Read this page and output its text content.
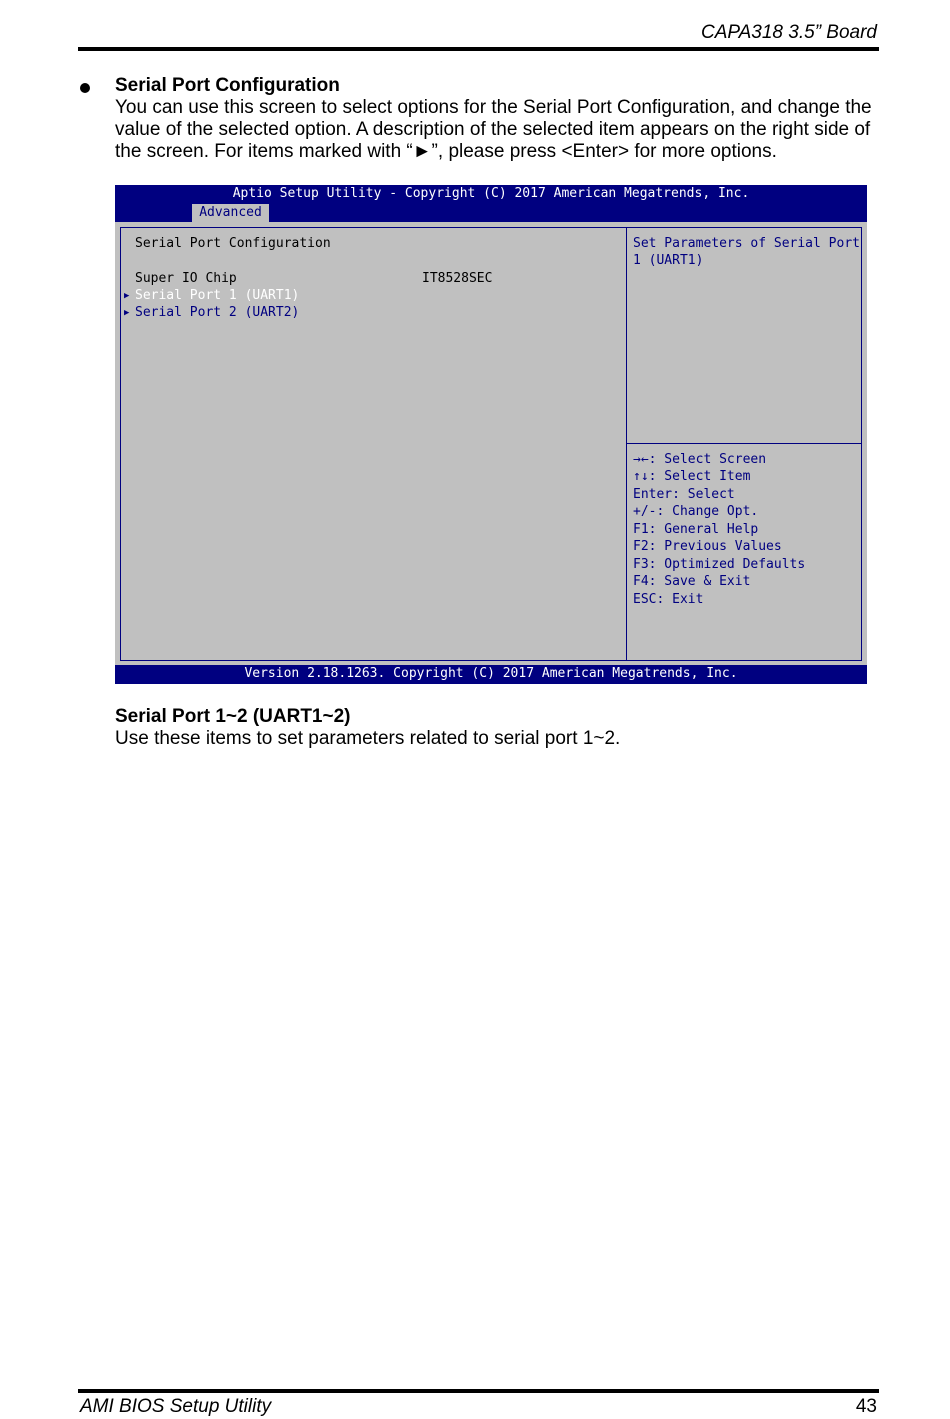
CAPA318 3.5” Board
Serial Port Configuration
You can use this screen to select options for the Serial Port Configuration, and change the value of the selected option. A description of the selected item appears on the right side of the screen. For items marked with “►”, please press <Enter> for more options.
Aptio Setup Utility - Copyright (C) 2017 American Megatrends, Inc.
Advanced
Serial Port Configuration
Super IO Chip	IT8528SEC
▶ Serial Port 1 (UART1)
▶ Serial Port 2 (UART2)
Set Parameters of Serial Port
1 (UART1)
→←: Select Screen
↑↓: Select Item
Enter: Select
+/-: Change Opt.
F1: General Help
F2: Previous Values
F3: Optimized Defaults
F4: Save & Exit
ESC: Exit
Version 2.18.1263. Copyright (C) 2017 American Megatrends, Inc.
Serial Port 1~2 (UART1~2)
Use these items to set parameters related to serial port 1~2.
AMI BIOS Setup Utility	43
